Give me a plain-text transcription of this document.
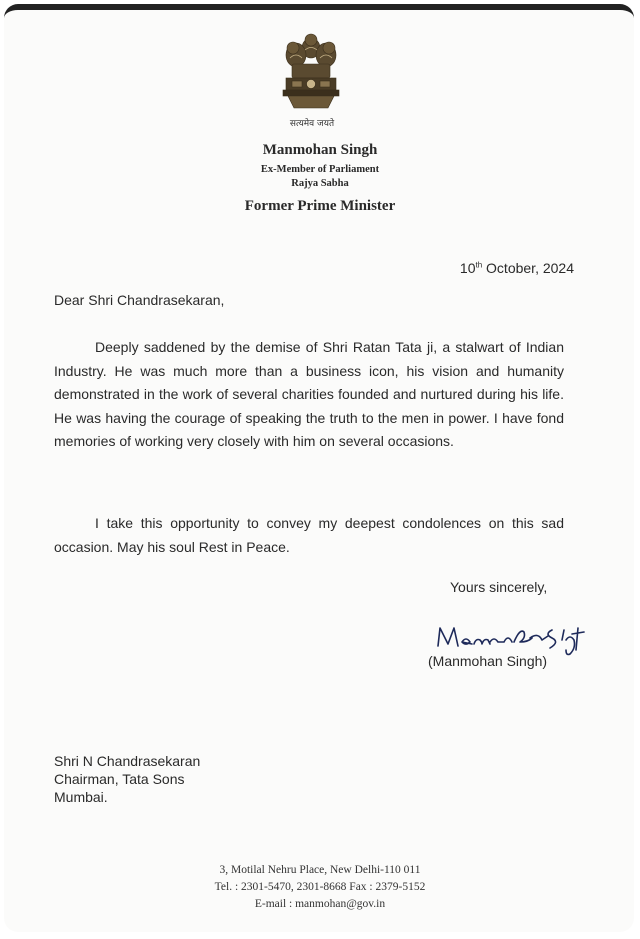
सत्यमेव जयते
Manmohan Singh
Ex-Member of Parliament
Rajya Sabha
Former Prime Minister
10th October, 2024
Dear Shri Chandrasekaran,
Deeply saddened by the demise of Shri Ratan Tata ji, a stalwart of Indian Industry. He was much more than a business icon, his vision and humanity demonstrated in the work of several charities founded and nurtured during his life. He was having the courage of speaking the truth to the men in power. I have fond memories of working very closely with him on several occasions.
I take this opportunity to convey my deepest condolences on this sad occasion. May his soul Rest in Peace.
Yours sincerely,
(Manmohan Singh)
Shri N Chandrasekaran
Chairman, Tata Sons
Mumbai.
3, Motilal Nehru Place, New Delhi-110 011
Tel. : 2301-5470, 2301-8668 Fax : 2379-5152
E-mail : manmohan@gov.in
